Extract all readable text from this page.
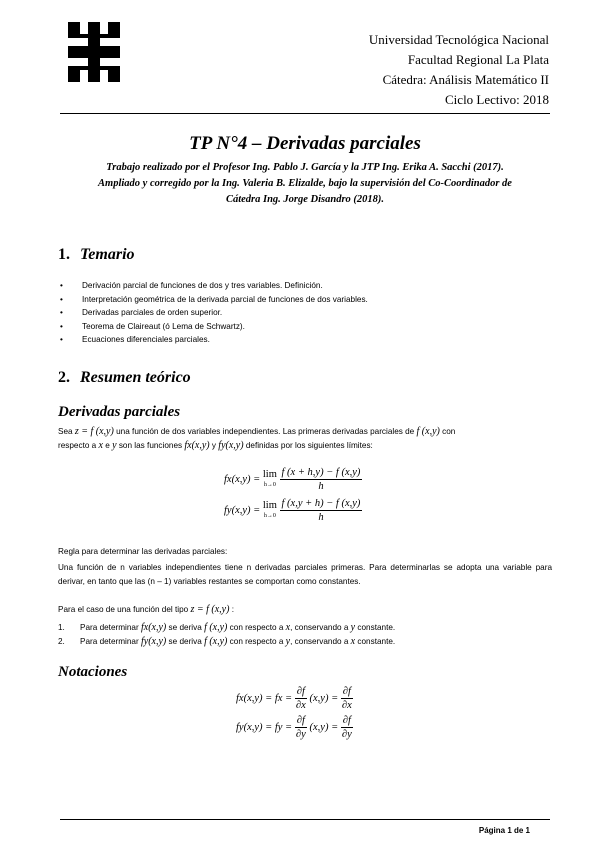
Universidad Tecnológica Nacional
Facultad Regional La Plata
Cátedra: Análisis Matemático II
Ciclo Lectivo: 2018
TP N°4 – Derivadas parciales
Trabajo realizado por el Profesor Ing. Pablo J. García y la JTP Ing. Erika A. Sacchi (2017).
Ampliado y corregido por la Ing. Valeria B. Elizalde, bajo la supervisión del Co-Coordinador de
Cátedra Ing. Jorge Disandro (2018).
1. Temario
• Derivación parcial de funciones de dos y tres variables. Definición.
• Interpretación geométrica de la derivada parcial de funciones de dos variables.
• Derivadas parciales de orden superior.
• Teorema de Claireaut (ó Lema de Schwartz).
• Ecuaciones diferenciales parciales.
2. Resumen teórico
Derivadas parciales
Sea z = f (x,y) una función de dos variables independientes. Las primeras derivadas parciales de f (x,y) con
respecto a x e y son las funciones fx(x,y) y fy(x,y) definidas por los siguientes límites:
fx(x,y) = lim
h→0
$\frac{f (x + h,y) - f (x,y)}{h}$
fy(x,y) = lim
h→0
$\frac{f (x,y + h) - f (x,y)}{h}$
Regla para determinar las derivadas parciales:
Una función de n variables independientes tiene n derivadas parciales primeras. Para determinarlas se adopta una variable para derivar, en tanto que las (n – 1) variables restantes se comportan como constantes.
Para el caso de una función del tipo z = f (x,y) :
1. Para determinar fx(x,y) se deriva f (x,y) con respecto a x, conservando a y constante.
2. Para determinar fy(x,y) se deriva f (x,y) con respecto a y, conservando a x constante.
Notaciones
fx(x,y) = fx = $\frac{\partial f}{\partial x} (x,y) = \frac{\partial f}{\partial x}$
fy(x,y) = fy = $\frac{\partial f}{\partial y} (x,y) = \frac{\partial f}{\partial y}$
Página 1 de 1
